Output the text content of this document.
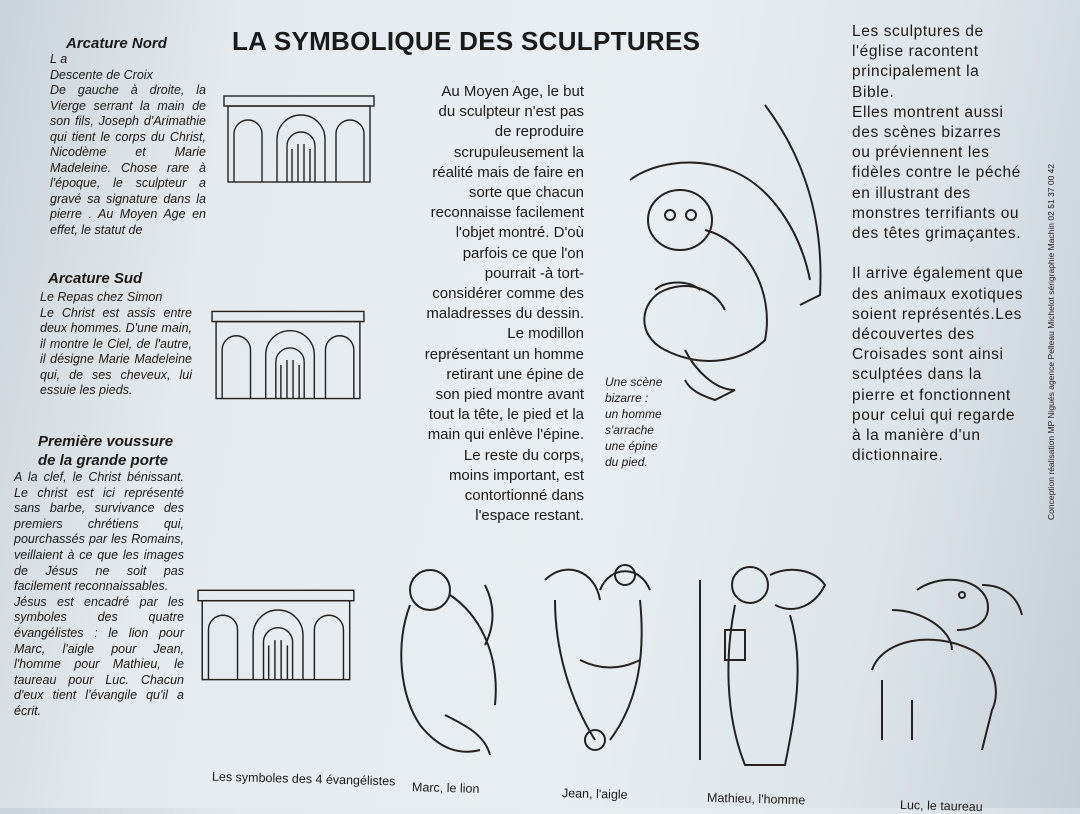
LA SYMBOLIQUE DES SCULPTURES
Arcature Nord
L a
Descente de Croix
De gauche à droite, la Vierge serrant la main de son fils, Joseph d'Arimathie qui tient le corps du Christ, Nicodème et Marie Madeleine. Chose rare à l'époque, le sculpteur a gravé sa signature dans la pierre . Au Moyen Age en effet, le statut de
Arcature Sud
Le Repas chez Simon
Le Christ est assis entre deux hommes. D'une main, il montre le Ciel, de l'autre, il désigne Marie Madeleine qui, de ses cheveux, lui essuie les pieds.
Première voussure de la grande porte
A la clef, le Christ bénissant. Le christ est ici représenté sans barbe, survivance des premiers chrétiens qui, pourchassés par les Romains, veillaient à ce que les images de Jésus ne soit pas facilement reconnaissables.
Jésus est encadré par les symboles des quatre évangélistes : le lion pour Marc, l'aigle pour Jean, l'homme pour Mathieu, le taureau pour Luc. Chacun d'eux tient l'évangile qu'il a écrit.
Au Moyen Age, le but
du sculpteur n'est pas
de reproduire
scrupuleusement la
réalité mais de faire en
sorte que chacun
reconnaisse facilement
l'objet montré. D'où
parfois ce que l'on
pourrait -à tort-
considérer comme des
maladresses du dessin.
Le modillon
représentant un homme
retirant une épine de
son pied montre avant
tout la tête, le pied et la
main qui enlève l'épine.
Le reste du corps,
moins important, est
contortionné dans
l'espace restant.
Une scène
bizarre :
un homme
s'arrache
une épine
du pied.
Les sculptures de l'église racontent principalement la Bible.
Elles montrent aussi des scènes bizarres ou préviennent les fidèles contre le péché en illustrant des monstres terrifiants ou des têtes grimaçantes.

Il arrive également que des animaux exotiques soient représentés.Les découvertes des Croisades sont ainsi sculptées dans la pierre et fonctionnent pour celui qui regarde à la manière d'un dictionnaire.	Conception réalisation MP Nigués agence Pelleau Michelot sérigraphie Machin 02 51 37 00 42
Les symboles des 4 évangélistes Marc, le lion	Jean, l'aigle	Mathieu, l'homme	Luc, le taureau
